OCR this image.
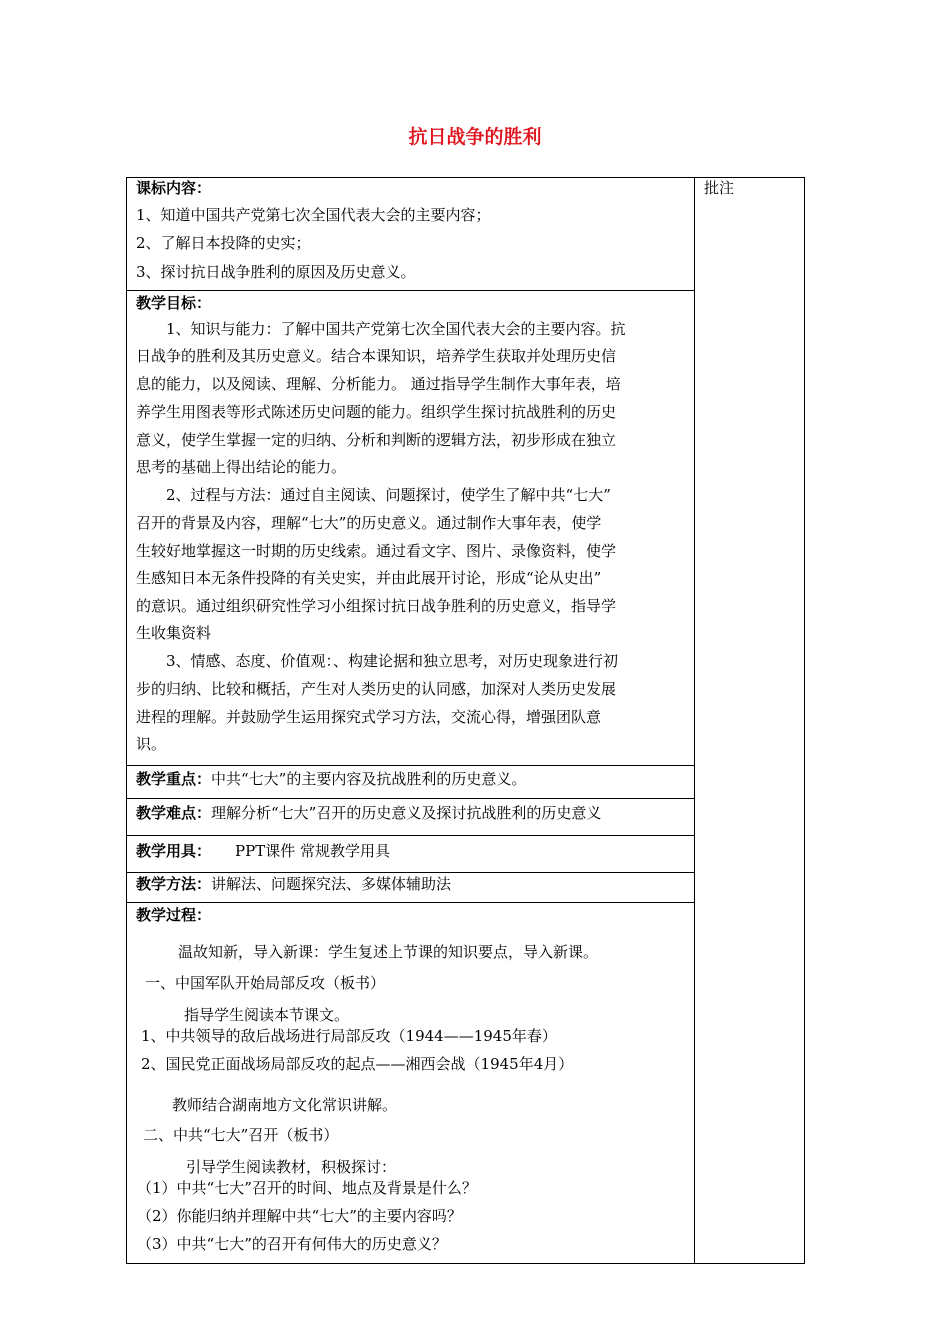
抗日战争的胜利
批注
课标内容：
1、知道中国共产党第七次全国代表大会的主要内容；
2、了解日本投降的史实；
3、探讨抗日战争胜利的原因及历史意义。
教学目标：
1、知识与能力：了解中国共产党第七次全国代表大会的主要内容。抗
日战争的胜利及其历史意义。结合本课知识，培养学生获取并处理历史信
息的能力，以及阅读、理解、分析能力。 通过指导学生制作大事年表，培
养学生用图表等形式陈述历史问题的能力。组织学生探讨抗战胜利的历史
意义，使学生掌握一定的归纳、分析和判断的逻辑方法，初步形成在独立
思考的基础上得出结论的能力。
2、过程与方法：通过自主阅读、问题探讨，使学生了解中共“七大”
召开的背景及内容，理解“七大”的历史意义。通过制作大事年表，使学
生较好地掌握这一时期的历史线索。通过看文字、图片、录像资料，使学
生感知日本无条件投降的有关史实，并由此展开讨论，形成“论从史出”
的意识。通过组织研究性学习小组探讨抗日战争胜利的历史意义，指导学
生收集资料
3、情感、态度、价值观：、构建论据和独立思考，对历史现象进行初
步的归纳、比较和概括，产生对人类历史的认同感，加深对人类历史发展
进程的理解。并鼓励学生运用探究式学习方法，交流心得，增强团队意
识。
教学重点：中共“七大”的主要内容及抗战胜利的历史意义。
教学难点：理解分析“七大”召开的历史意义及探讨抗战胜利的历史意义
教学用具： PPT课件 常规教学用具
教学方法：讲解法、问题探究法、多媒体辅助法
教学过程：
温故知新，导入新课：学生复述上节课的知识要点，导入新课。
一、中国军队开始局部反攻（板书）
指导学生阅读本节课文。
1、中共领导的敌后战场进行局部反攻（1944——1945年春）
2、国民党正面战场局部反攻的起点——湘西会战（1945年4月）
教师结合湖南地方文化常识讲解。
二、中共“七大”召开（板书）
引导学生阅读教材，积极探讨：
（1）中共“七大”召开的时间、地点及背景是什么？
（2）你能归纳并理解中共“七大”的主要内容吗？
（3）中共“七大”的召开有何伟大的历史意义？
